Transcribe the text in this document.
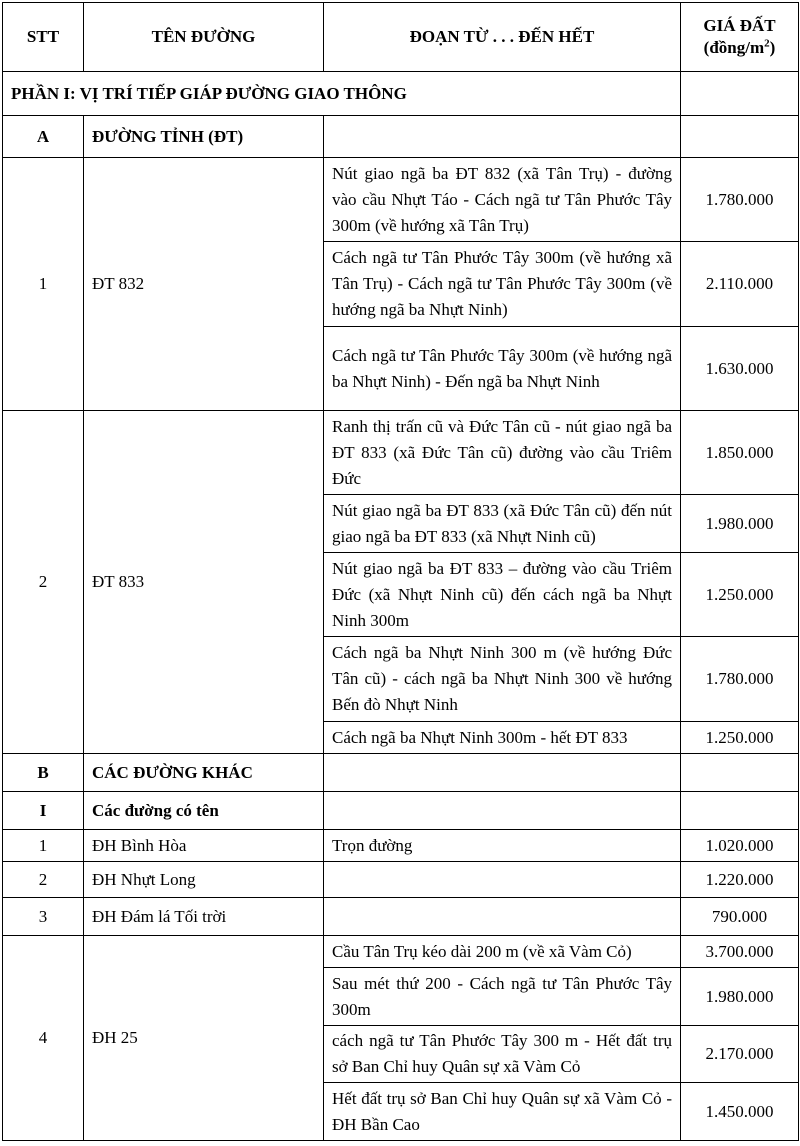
STT	TÊN ĐƯỜNG	ĐOẠN TỪ . . . ĐẾN HẾT	GIÁ ĐẤT
$(đồng/m^2)$
PHẦN I: VỊ TRÍ TIẾP GIÁP ĐƯỜNG GIAO THÔNG			
A	ĐƯỜNG TỈNH (ĐT)		
1	ĐT 832	Nút giao ngã ba ĐT 832 (xã Tân Trụ) - đường vào cầu Nhựt Táo - Cách ngã tư Tân Phước Tây 300m (về hướng xã Tân Trụ)	1.780.000
		Cách ngã tư Tân Phước Tây 300m (về hướng xã Tân Trụ) - Cách ngã tư Tân Phước Tây 300m (về hướng ngã ba Nhựt Ninh)	2.110.000
		Cách ngã tư Tân Phước Tây 300m (về hướng ngã ba Nhựt Ninh) - Đến ngã ba Nhựt Ninh	1.630.000
2	ĐT 833	Ranh thị trấn cũ và Đức Tân cũ - nút giao ngã ba ĐT 833 (xã Đức Tân cũ) đường vào cầu Triêm Đức	1.850.000
		Nút giao ngã ba ĐT 833 (xã Đức Tân cũ) đến nút giao ngã ba ĐT 833 (xã Nhựt Ninh cũ)	1.980.000
		Nút giao ngã ba ĐT 833 – đường vào cầu Triêm Đức (xã Nhựt Ninh cũ) đến cách ngã ba Nhựt Ninh 300m	1.250.000
		Cách ngã ba Nhựt Ninh 300 m (về hướng Đức Tân cũ) - cách ngã ba Nhựt Ninh 300 về hướng Bến đò Nhựt Ninh	1.780.000
		Cách ngã ba Nhựt Ninh 300m - hết ĐT 833	1.250.000
B	CÁC ĐƯỜNG KHÁC		
I	Các đường có tên		
1	ĐH Bình Hòa	Trọn đường	1.020.000
2	ĐH Nhựt Long		1.220.000
3	ĐH Đám lá Tối trời		790.000
4	ĐH 25	Cầu Tân Trụ kéo dài 200 m (về xã Vàm Cỏ)	3.700.000
		Sau mét thứ 200 - Cách ngã tư Tân Phước Tây 300m	1.980.000
		cách ngã tư Tân Phước Tây 300 m - Hết đất trụ sở Ban Chỉ huy Quân sự xã Vàm Cỏ	2.170.000
		Hết đất trụ sở Ban Chỉ huy Quân sự xã Vàm Cỏ - ĐH Bần Cao	1.450.000
